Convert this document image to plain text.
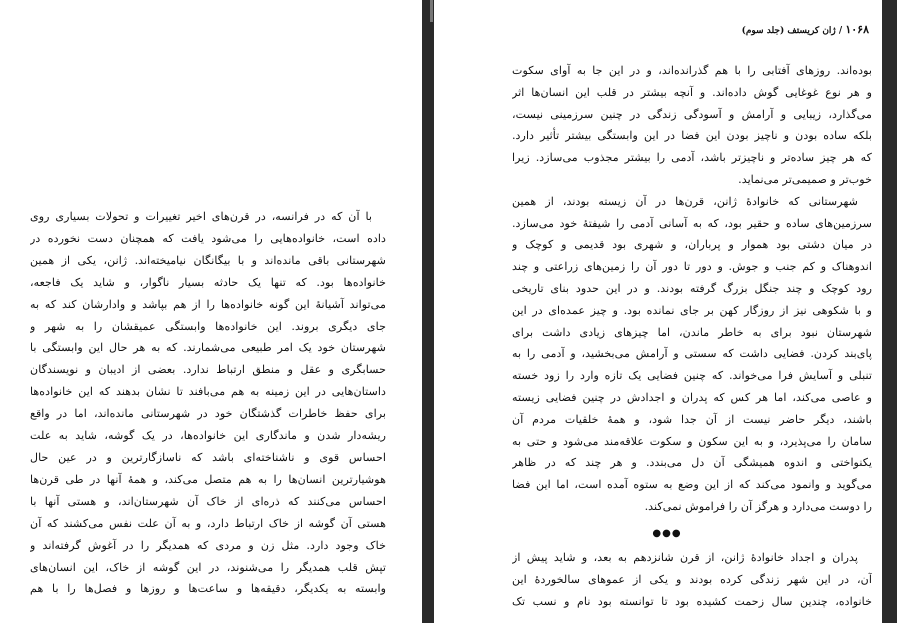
با آن که در فرانسه، در قرن‌های اخیر تغییرات و تحولات بسیاری روی
داده است، خانواده‌هایی را می‌شود یافت که همچنان دست نخورده در
شهرستانی باقی مانده‌اند و با بیگانگان نیامیخته‌اند. ژانن، یکی از همین
خانواده‌ها بود. که تنها یک حادثه بسیار ناگوار، و شاید یک فاجعه،
می‌تواند آشیانهٔ این گونه خانواده‌ها را از هم بپاشد و وادارشان کند که به
جای دیگری بروند. این خانواده‌ها وابستگی عمیقشان را به شهر و
شهرستان خود یک امر طبیعی می‌شمارند. که به هر حال این وابستگی با
حسابگری و عقل و منطق ارتباط ندارد. بعضی از ادیبان و نویسندگان
داستان‌هایی در این زمینه به هم می‌بافند تا نشان بدهند که این خانواده‌ها
برای حفظ خاطرات گذشتگان خود در شهرستانی مانده‌اند، اما در واقع
ریشه‌دار شدن و ماندگاری این خانواده‌ها، در یک گوشه، شاید به علت
احساس قوی و ناشناخته‌ای باشد که ناسازگارترین و در عین حال
هوشیارترین انسان‌ها را به هم متصل می‌کند، و همهٔ آنها در طی قرن‌ها
احساس می‌کنند که ذره‌ای از خاک آن شهرستان‌اند، و هستی آنها با
هستی آن گوشه از خاک ارتباط دارد، و به آن علت نفس می‌کشند که آن
خاک وجود دارد. مثل زن و مردی که همدیگر را در آغوش گرفته‌اند و
تپش قلب همدیگر را می‌شنوند، در این گوشه از خاک، این انسان‌های
وابسته به یکدیگر، دقیقه‌ها و ساعت‌ها و روزها و فصل‌ها را با هم
۱۰۶۸ / ژان کریستف (جلد سوم)
بوده‌اند. روزهای آفتابی را با هم گذرانده‌اند، و در این جا به آوای سکوت
و هر نوع غوغایی گوش داده‌اند. و آنچه بیشتر در قلب این انسان‌ها اثر
می‌گذارد، زیبایی و آرامش و آسودگی زندگی در چنین سرزمینی نیست،
بلکه ساده بودن و ناچیز بودن این فضا در این وابستگی بیشتر تأثیر دارد.
که هر چیز ساده‌تر و ناچیزتر باشد، آدمی را بیشتر مجذوب می‌سازد. زیرا
خوب‌تر و صمیمی‌تر می‌نماید.
شهرستانی که خانوادهٔ ژانن، قرن‌ها در آن زیسته بودند، از همین
سرزمین‌های ساده و حقیر بود، که به آسانی آدمی را شیفتهٔ خود می‌سازد.
در میان دشتی بود هموار و پرباران، و شهری بود قدیمی و کوچک و
اندوهناک و کم جنب و جوش. و دور تا دور آن را زمین‌های زراعتی و چند
رود کوچک و چند جنگل بزرگ گرفته بودند. و در این حدود بنای تاریخی
و با شکوهی نیز از روزگار کهن بر جای نمانده بود. و چیز عمده‌ای در این
شهرستان نبود برای به خاطر ماندن، اما چیزهای زیادی داشت برای
پای‌بند کردن. فضایی داشت که سستی و آرامش می‌بخشید، و آدمی را به
تنبلی و آسایش فرا می‌خواند. که چنین فضایی یک تازه وارد را زود خسته
و عاصی می‌کند، اما هر کس که پدران و اجدادش در چنین فضایی زیسته
باشند، دیگر حاضر نیست از آن جدا شود، و همهٔ خلقیات مردم آن
سامان را می‌پذیرد، و به این سکون و سکوت علاقه‌مند می‌شود و حتی به
یکنواختی و اندوه همیشگی آن دل می‌بندد. و هر چند که در ظاهر
می‌گوید و وانمود می‌کند که از این وضع به ستوه آمده است، اما این فضا
را دوست می‌دارد و هرگز آن را فراموش نمی‌کند.
●●●
پدران و اجداد خانوادهٔ ژانن، از قرن شانزدهم به بعد، و شاید پیش از
آن، در این شهر زندگی کرده بودند و یکی از عموهای سالخوردهٔ این
خانواده، چندین سال زحمت کشیده بود تا توانسته بود نام و نسب تک
